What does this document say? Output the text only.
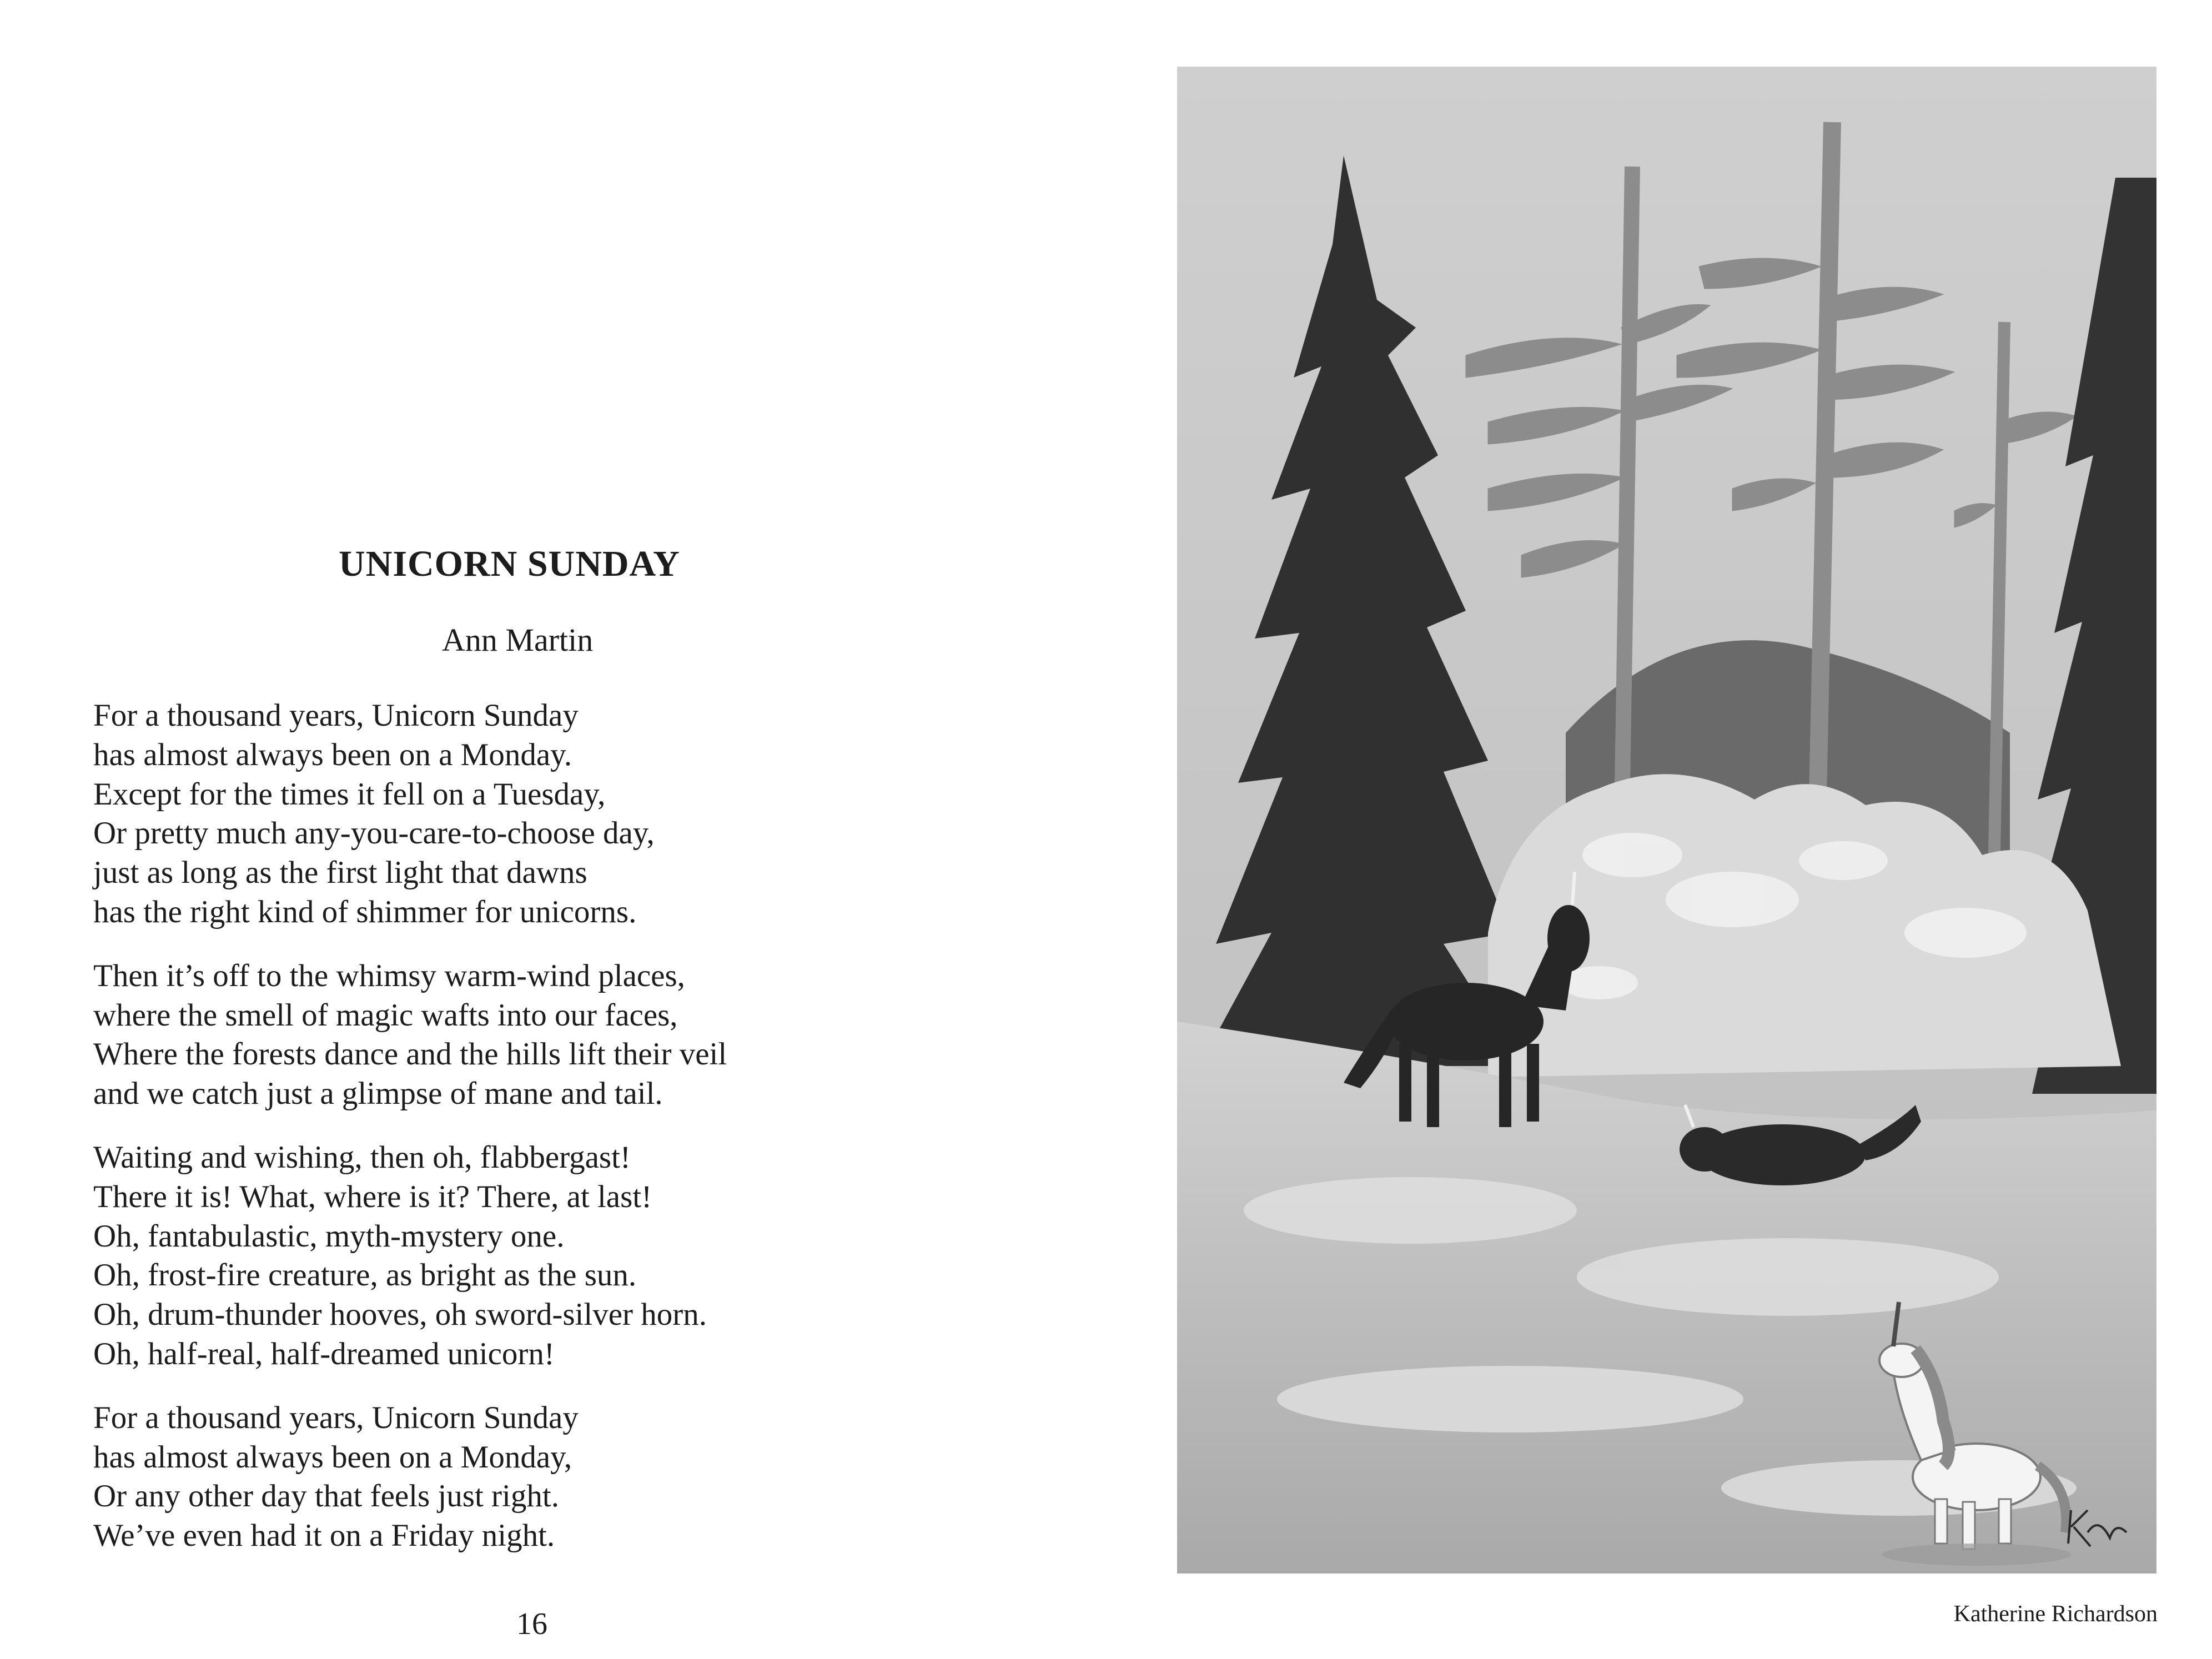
UNICORN SUNDAY

Ann Martin

For a thousand years, Unicorn Sunday
has almost always been on a Monday.
Except for the times it fell on a Tuesday,
Or pretty much any-you-care-to-choose day,
just as long as the first light that dawns
has the right kind of shimmer for unicorns.
Then it’s off to the whimsy warm-wind places,
where the smell of magic wafts into our faces,
Where the forests dance and the hills lift their veil
and we catch just a glimpse of mane and tail.
Waiting and wishing, then oh, flabbergast!
There it is! What, where is it? There, at last!
Oh, fantabulastic, myth-mystery one.
Oh, frost-fire creature, as bright as the sun.
Oh, drum-thunder hooves, oh sword-silver horn.
Oh, half-real, half-dreamed unicorn!
For a thousand years, Unicorn Sunday
has almost always been on a Monday,
Or any other day that feels just right.
We’ve even had it on a Friday night.

16	Katherine Richardson
